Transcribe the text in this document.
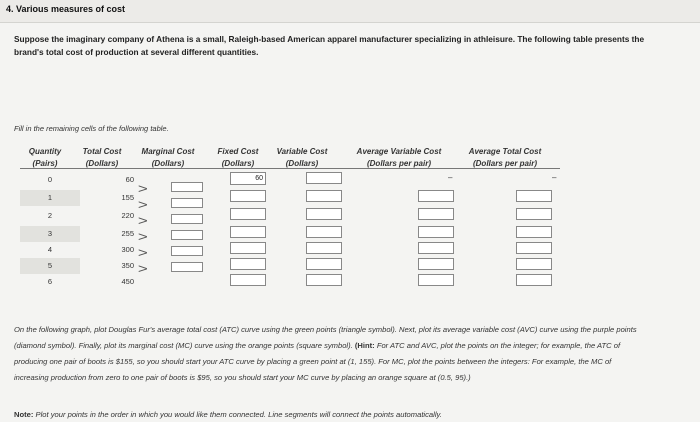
4. Various measures of cost
Suppose the imaginary company of Athena is a small, Raleigh-based American apparel manufacturer specializing in athleisure. The following table presents the brand's total cost of production at several different quantities.
Fill in the remaining cells of the following table.
Quantity
(Pairs)
Total Cost
(Dollars)
Marginal Cost
(Dollars)
Fixed Cost
(Dollars)
Variable Cost
(Dollars)
Average Variable Cost
(Dollars per pair)
Average Total Cost
(Dollars per pair)
0
1
2
3
4
5
6
60
155
220
255
300
350
450
>
>
>
>
>
>
60	–	–
On the following graph, plot Douglas Fur's average total cost (ATC) curve using the green points (triangle symbol). Next, plot its average variable cost (AVC) curve using the purple points (diamond symbol). Finally, plot its marginal cost (MC) curve using the orange points (square symbol). (Hint: For ATC and AVC, plot the points on the integer; for example, the ATC of producing one pair of boots is $155, so you should start your ATC curve by placing a green point at (1, 155). For MC, plot the points between the integers: For example, the MC of increasing production from zero to one pair of boots is $95, so you should start your MC curve by placing an orange square at (0.5, 95).)
Note: Plot your points in the order in which you would like them connected. Line segments will connect the points automatically.
